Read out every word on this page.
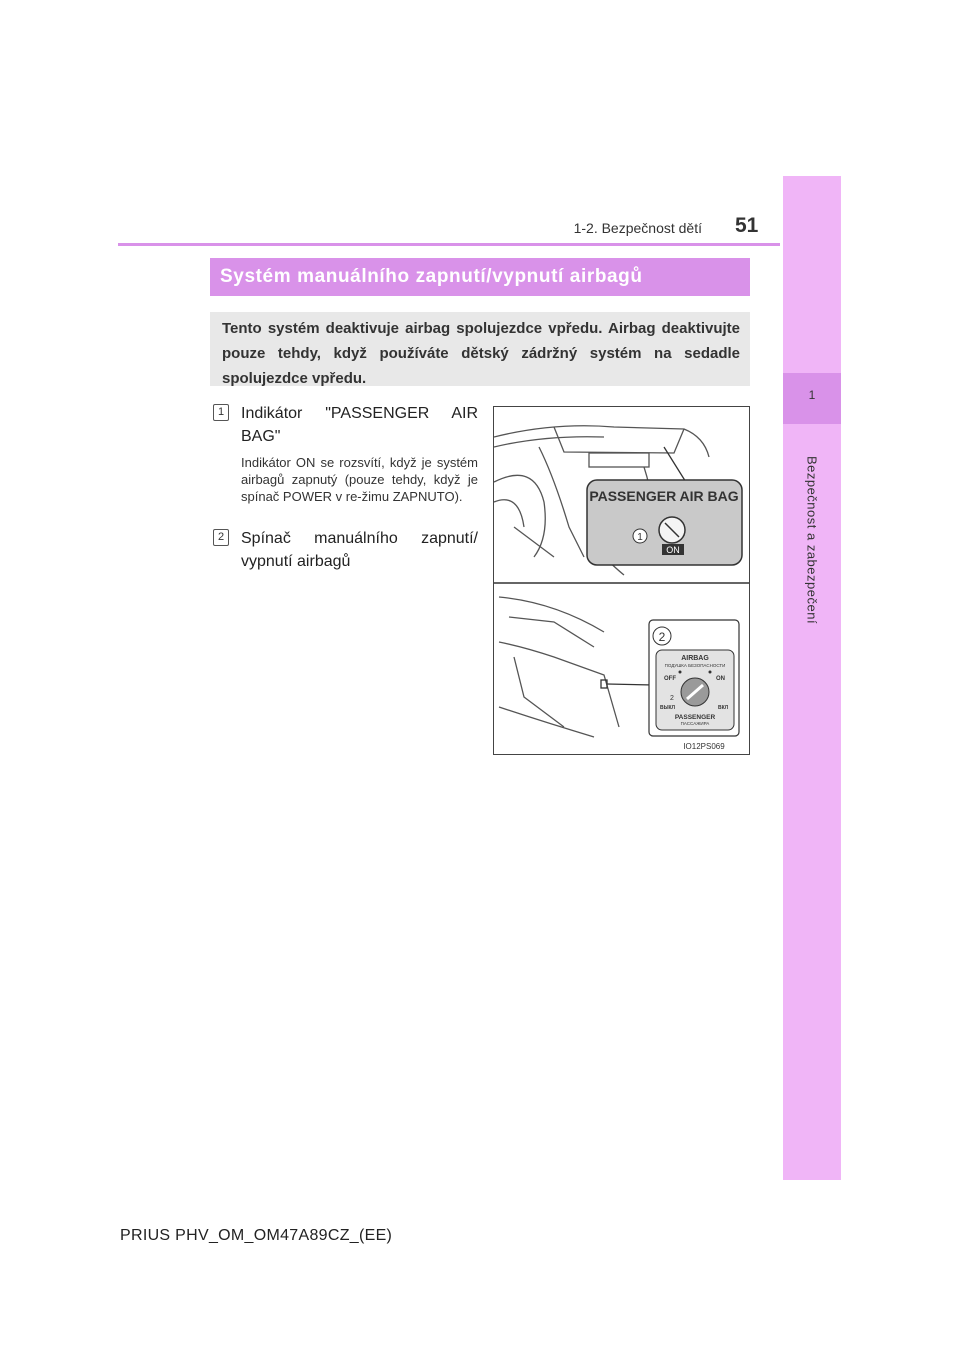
1-2. Bezpečnost dětí 51
1
Bezpečnost a zabezpečení
Systém manuálního zapnutí/vypnutí airbagů
Tento systém deaktivuje airbag spolujezdce vpředu. Airbag deaktivujte pouze tehdy, když používáte dětský zádržný systém na sedadle spolujezdce vpředu.
1	Indikátor "PASSENGER AIR BAG"
Indikátor ON se rozsvítí, když je systém airbagů zapnutý (pouze tehdy, když je spínač POWER v re-žimu ZAPNUTO).
2	Spínač manuálního zapnutí/ vypnutí airbagů
PASSENGER AIR BAG
ON
1
2
AIRBAG
ПОДУШКА БЕЗОПАСНОСТИ
OFF	ON
2
ВЫКЛ	ВКЛ
PASSENGER
ПАССАЖИРА
IO12PS069
PRIUS PHV_OM_OM47A89CZ_(EE)
